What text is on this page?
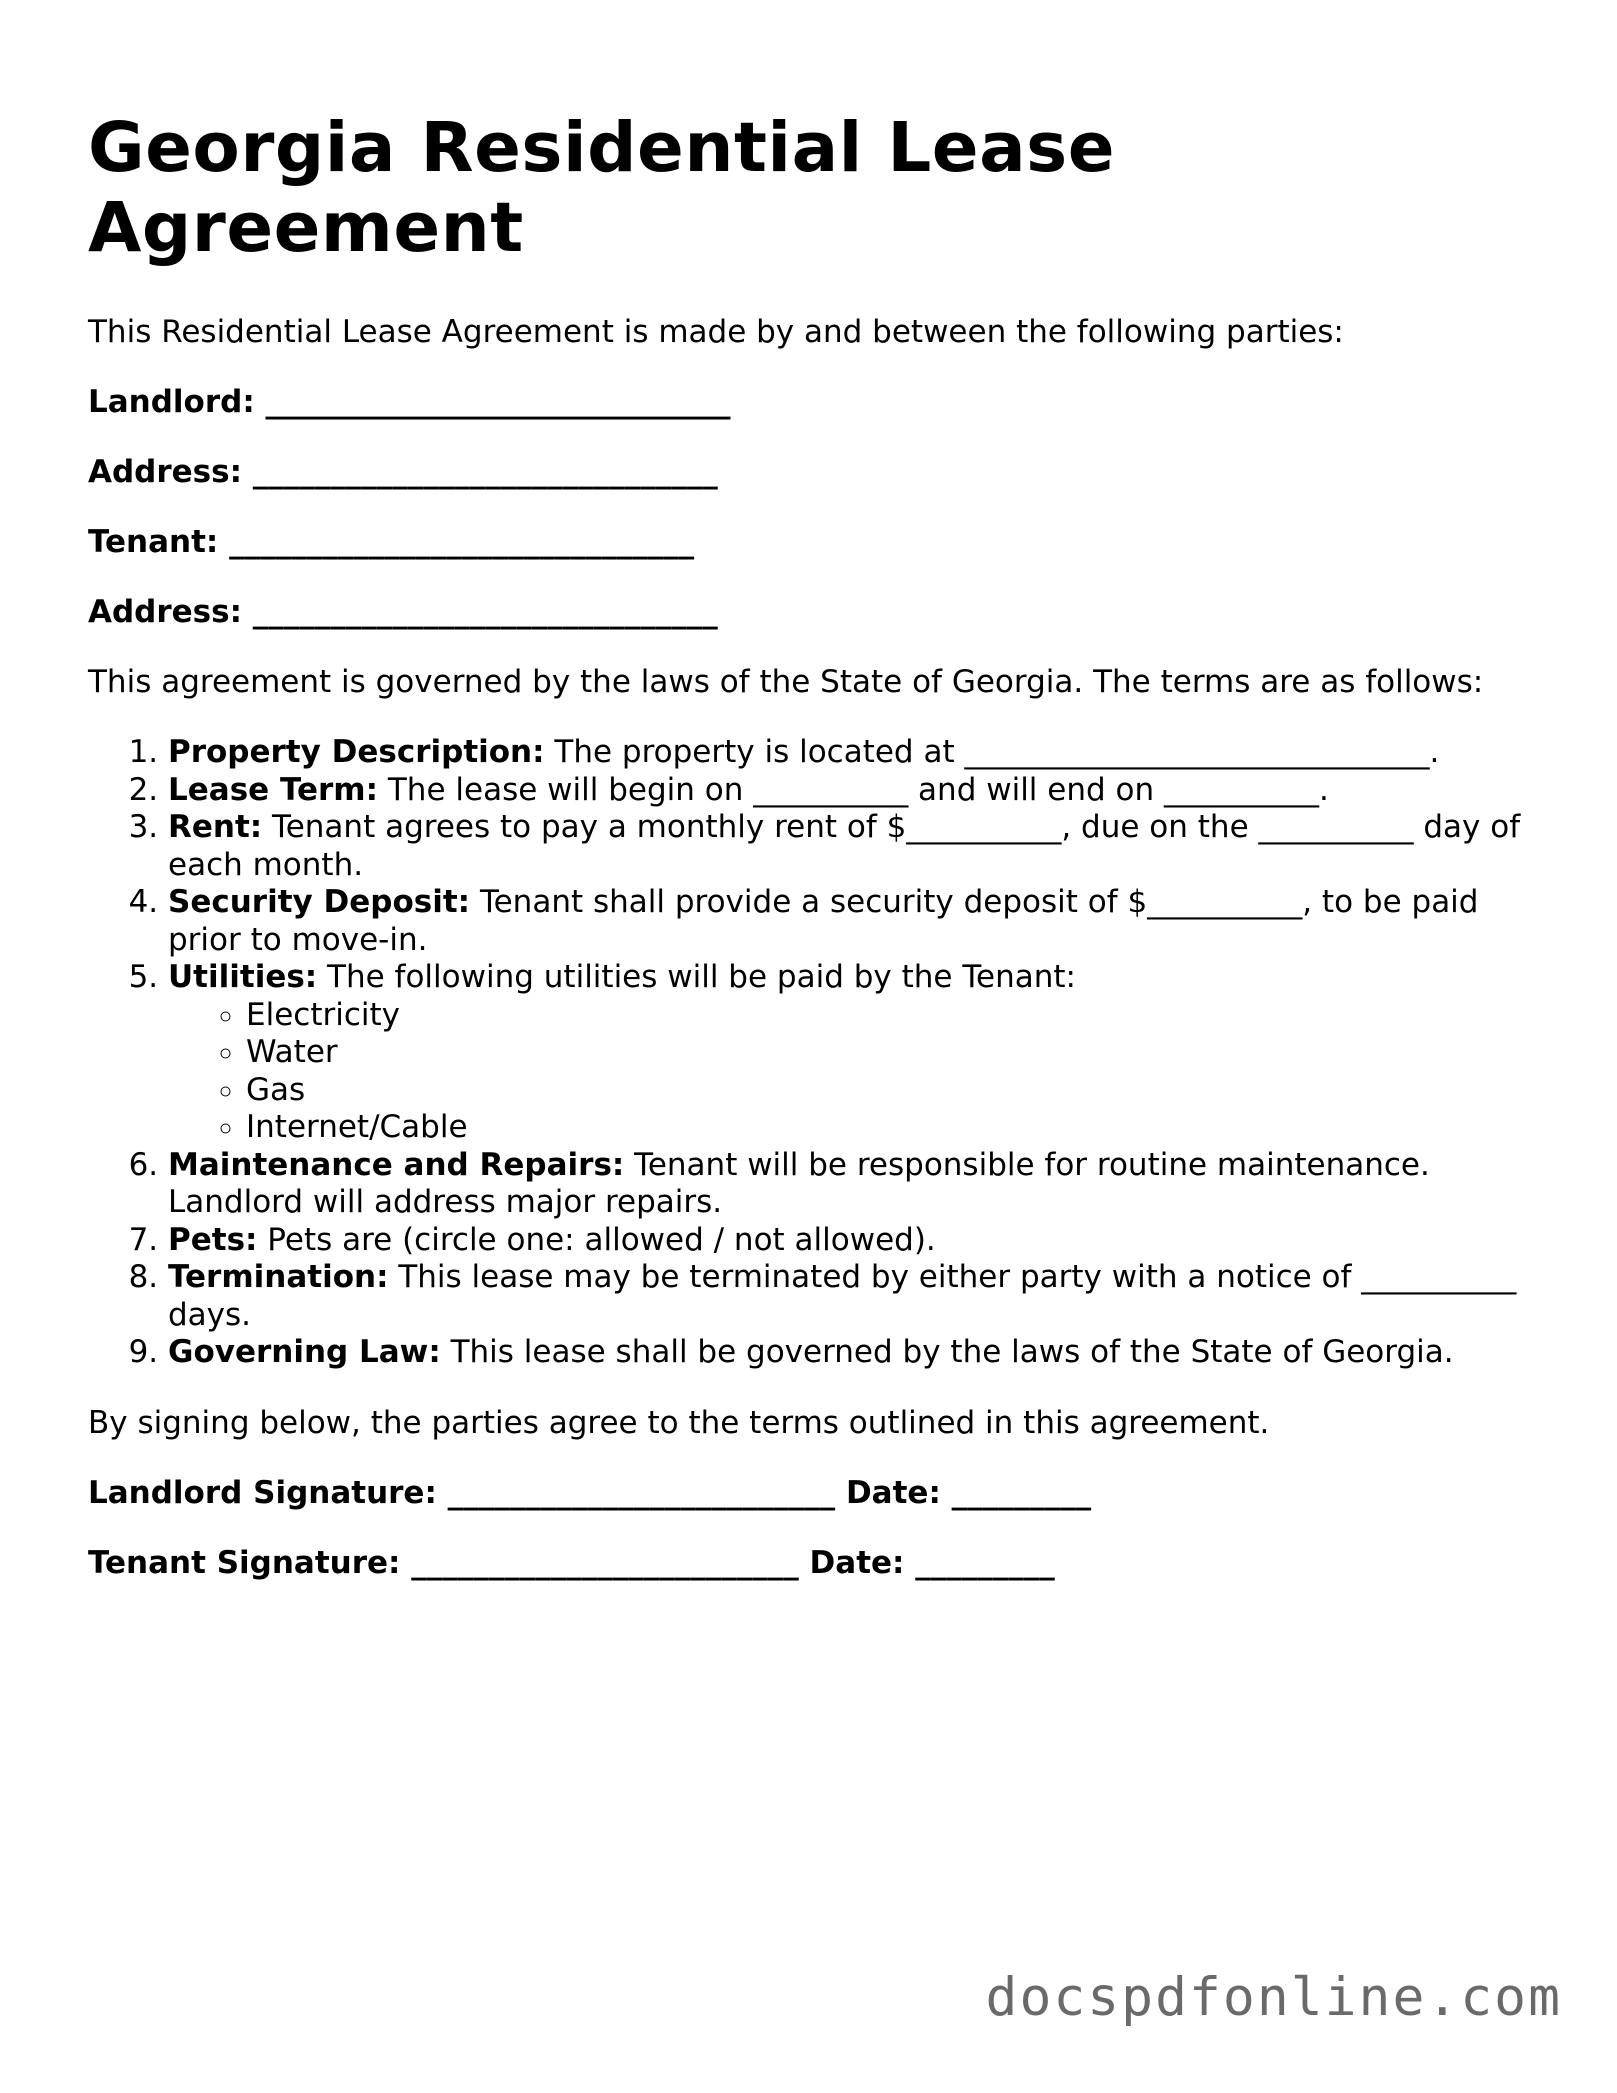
Georgia Residential Lease Agreement

This Residential Lease Agreement is made by and between the following parties:

Landlord: ______________________________

Address: ______________________________

Tenant: ______________________________

Address: ______________________________

This agreement is governed by the laws of the State of Georgia. The terms are as follows:

1. Property Description: The property is located at ______________________________.
2. Lease Term: The lease will begin on __________ and will end on __________.
3. Rent: Tenant agrees to pay a monthly rent of $__________, due on the __________ day of each month.
4. Security Deposit: Tenant shall provide a security deposit of $__________, to be paid prior to move-in.
5. Utilities: The following utilities will be paid by the Tenant:
◦ Electricity
◦ Water
◦ Gas
◦ Internet/Cable
6. Maintenance and Repairs: Tenant will be responsible for routine maintenance. Landlord will address major repairs.
7. Pets: Pets are (circle one: allowed / not allowed).
8. Termination: This lease may be terminated by either party with a notice of __________ days.
9. Governing Law: This lease shall be governed by the laws of the State of Georgia.

By signing below, the parties agree to the terms outlined in this agreement.

Landlord Signature: _________________________ Date: _________

Tenant Signature: _________________________ Date: _________

docspdfonline.com
